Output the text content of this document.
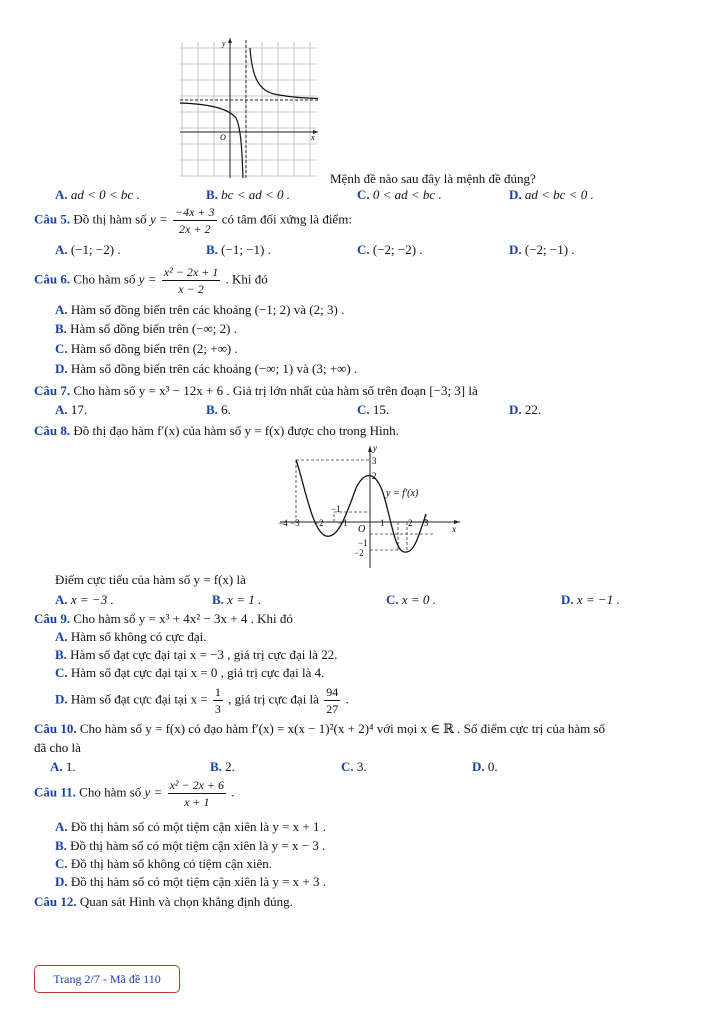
y
x
O
Mệnh đề nào sau đây là mệnh đề đúng?
A. ad < 0 < bc .	B. bc < ad < 0 .	C. 0 < ad < bc .	D. ad < bc < 0 .
Câu 5. Đồ thị hàm số $y = \frac{-4x + 3}{2x + 2}$ có tâm đối xứng là điểm:
A. (−1; −2) .	B. (−1; −1) .	C. (−2; −2) .	D. (−2; −1) .
Câu 6. Cho hàm số $y = \frac{\text{x² − 2x + 1}}{x - 2}$ . Khi đó
A. Hàm số đồng biến trên các khoảng (−1; 2) và (2; 3) .
B. Hàm số đồng biến trên (−∞; 2) .
C. Hàm số đồng biến trên (2; +∞) .
D. Hàm số đồng biến trên các khoảng (−∞; 1) và (3; +∞) .
Câu 7. Cho hàm số y = x³ − 12x + 6 . Giá trị lớn nhất của hàm số trên đoạn [−3; 3] là
A. 17.	B. 6.	C. 15.	D. 22.
Câu 8. Đồ thị đạo hàm f′(x) của hàm số y = f(x) được cho trong Hình.
y
x
O
y = f′(x)
3
2
−1
−2
−1
−4 −3 −2 −1	1	2 3
Điểm cực tiểu của hàm số y = f(x) là
A. x = −3 .	B. x = 1 .	C. x = 0 .	D. x = −1 .
Câu 9. Cho hàm số y = x³ + 4x² − 3x + 4 . Khi đó
A. Hàm số không có cực đại.
B. Hàm số đạt cực đại tại x = −3 , giá trị cực đại là 22.
C. Hàm số đạt cực đại tại x = 0 , giá trị cực đại là 4.
D. Hàm số đạt cực đại tại $x = \frac{1}{3}$ , giá trị cực đại là $\frac{94}{27}$ .
Câu 10. Cho hàm số y = f(x) có đạo hàm f′(x) = x(x − 1)²(x + 2)⁴ với mọi x ∈ ℝ . Số điểm cực trị của hàm số
đã cho là
A. 1.	B. 2.	C. 3.	D. 0.
Câu 11. Cho hàm số $y = \frac{\text{x² − 2x + 6}}{x + 1}$ .
A. Đồ thị hàm số có một tiệm cận xiên là y = x + 1 .
B. Đồ thị hàm số có một tiệm cận xiên là y = x − 3 .
C. Đồ thị hàm số không có tiệm cận xiên.
D. Đồ thị hàm số có một tiệm cận xiên là y = x + 3 .
Câu 12. Quan sát Hình và chọn khẳng định đúng.
Trang 2/7 - Mã đề 110
